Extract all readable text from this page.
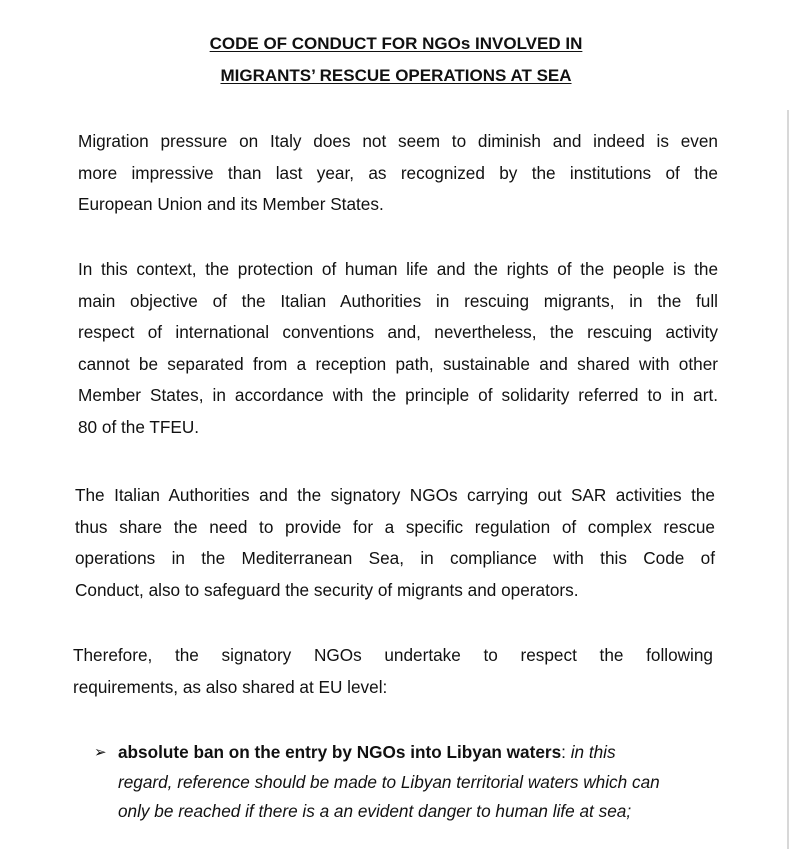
CODE OF CONDUCT FOR NGOs INVOLVED IN
MIGRANTS’ RESCUE OPERATIONS AT SEA
Migration pressure on Italy does not seem to diminish and indeed is even
more impressive than last year, as recognized by the institutions of the
European Union and its Member States.
In this context, the protection of human life and the rights of the people is the
main objective of the Italian Authorities in rescuing migrants, in the full
respect of international conventions and, nevertheless, the rescuing activity
cannot be separated from a reception path, sustainable and shared with other
Member States, in accordance with the principle of solidarity referred to in art.
80 of the TFEU.
The Italian Authorities and the signatory NGOs carrying out SAR activities the
thus share the need to provide for a specific regulation of complex rescue
operations in the Mediterranean Sea, in compliance with this Code of
Conduct, also to safeguard the security of migrants and operators.
Therefore, the signatory NGOs undertake to respect the following
requirements, as also shared at EU level:
➢ absolute ban on the entry by NGOs into Libyan waters: in this
regard, reference should be made to Libyan territorial waters which can
only be reached if there is a an evident danger to human life at sea;
